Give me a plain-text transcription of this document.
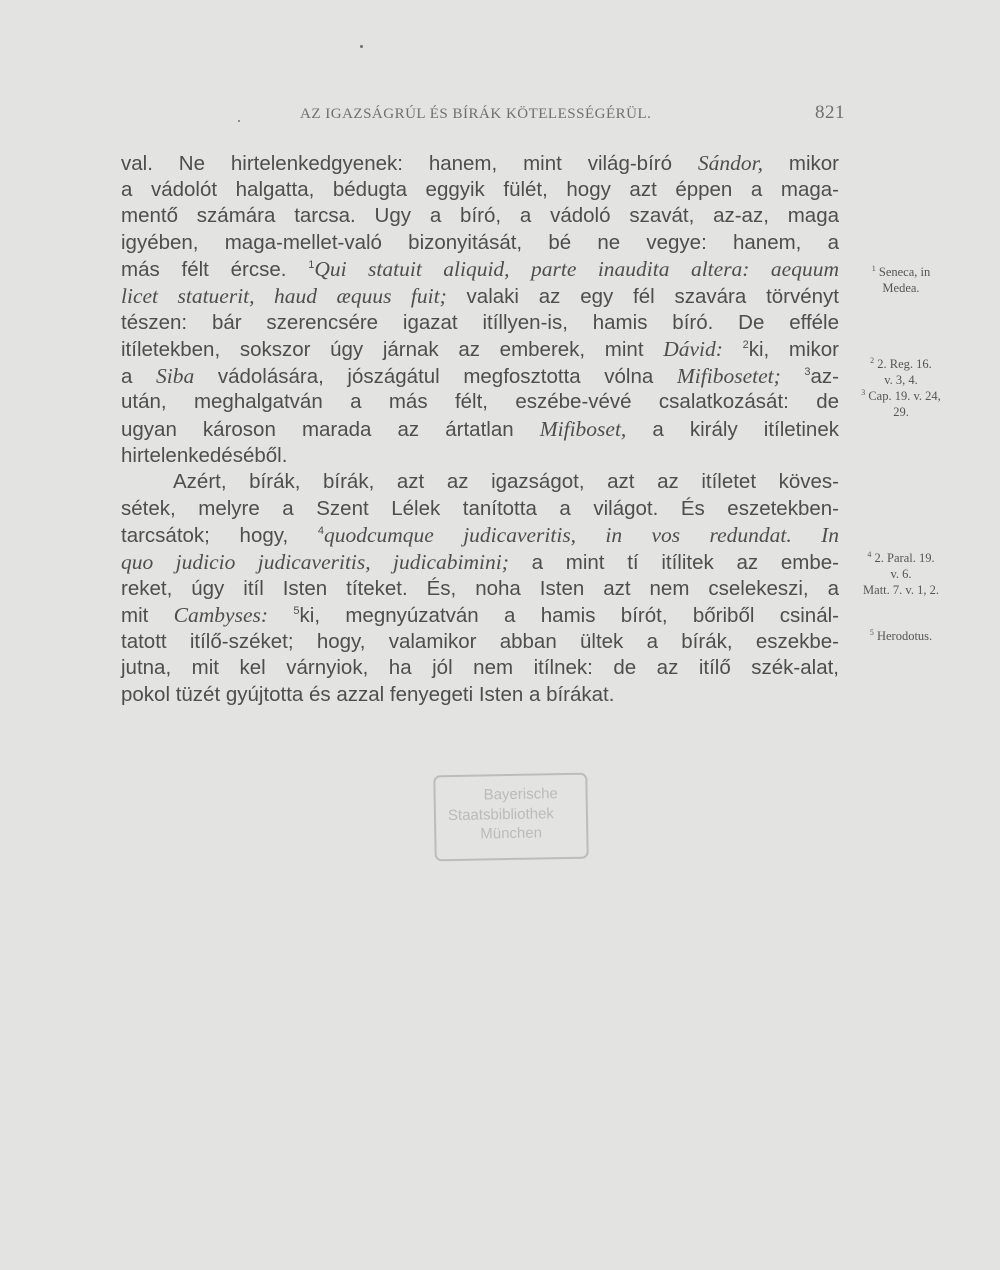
AZ IGAZSÁGRÚL ÉS BÍRÁK KÖTELESSÉGÉRÜL.	821
val. Ne hirtelenkedgyenek: hanem, mint világ-bíró Sándor, mikor
a vádolót halgatta, bédugta eggyik fülét, hogy azt éppen a maga-
mentő számára tarcsa. Ugy a bíró, a vádoló szavát, az-az, maga
igyében, maga-mellet-való bizonyitását, bé ne vegye: hanem, a
más félt ércse. $^1$Qui statuit aliquid, parte inaudita altera: aequum
licet statuerit, haud æquus fuit; valaki az egy fél szavára törvényt
tészen: bár szerencsére igazat itíllyen-is, hamis bíró. De efféle
itíletekben, sokszor úgy járnak az emberek, mint Dávid: $^2$ki, mikor
a Siba vádolására, jószágátul megfosztotta vólna Mifibosetet; $^3$az-
után, meghalgatván a más félt, eszébe-vévé csalatkozását: de
ugyan károson marada az ártatlan Mifiboset, a király itíletinek
hirtelenkedéséből.
Azért, bírák, bírák, azt az igazságot, azt az itíletet köves-
sétek, melyre a Szent Lélek tanította a világot. És eszetekben-
tarcsátok; hogy, $^4$quodcumque judicaveritis, in vos redundat. In
quo judicio judicaveritis, judicabimini; a mint tí itílitek az embe-
reket, úgy itíl Isten títeket. És, noha Isten azt nem cselekeszi, a
mit Cambyses: $^5$ki, megnyúzatván a hamis bírót, bőriből csinál-
tatott itílő-széket; hogy, valamikor abban ültek a bírák, eszekbe-
jutna, mit kel várnyiok, ha jól nem itílnek: de az itílő szék-alat,
pokol tüzét gyújtotta és azzal fenyegeti Isten a bírákat.
$^1$ Seneca, in
Medea.
$^2$ 2. Reg. 16.
v. 3, 4.
$^3$ Cap. 19. v. 24,
29.
$^4$ 2. Paral. 19.
v. 6.
Matt. 7. v. 1, 2.
$^5$ Herodotus.
Bayerische
Staatsbibliothek
München
